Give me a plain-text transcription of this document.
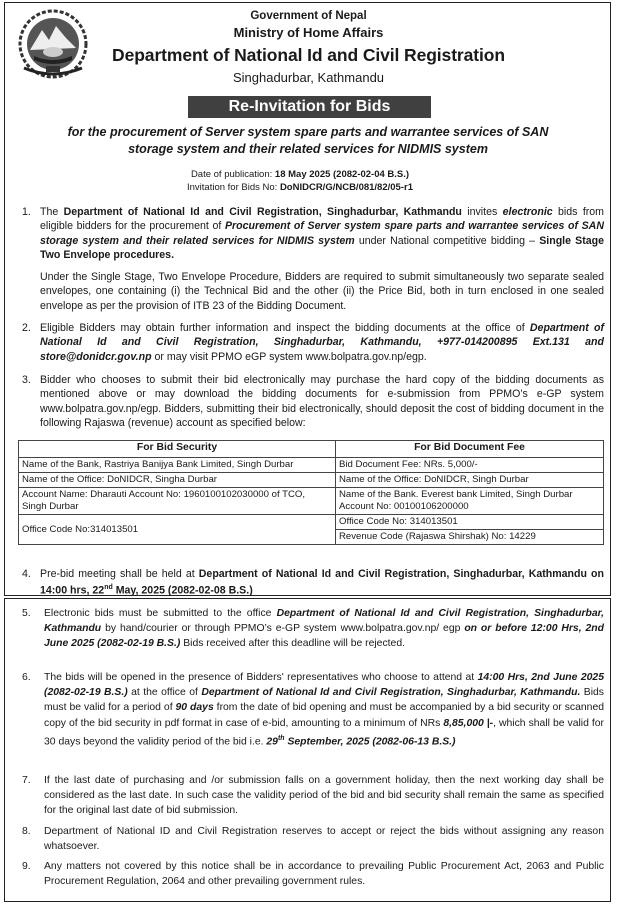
Government of Nepal
Ministry of Home Affairs
Department of National Id and Civil Registration
Singhadurbar, Kathmandu
Re-Invitation for Bids
for the procurement of Server system spare parts and warrantee services of SAN
storage system and their related services for NIDMIS system
Date of publication: 18 May 2025 (2082-02-04 B.S.)
Invitation for Bids No: DoNIDCR/G/NCB/081/82/05-r1
1. The Department of National Id and Civil Registration, Singhadurbar, Kathmandu invites electronic bids from eligible bidders for the procurement of Procurement of Server system spare parts and warrantee services of SAN storage system and their related services for NIDMIS system under National competitive bidding – Single Stage Two Envelope procedures.
Under the Single Stage, Two Envelope Procedure, Bidders are required to submit simultaneously two separate sealed envelopes, one containing (i) the Technical Bid and the other (ii) the Price Bid, both in turn enclosed in one sealed envelope as per the provision of ITB 23 of the Bidding Document.
2. Eligible Bidders may obtain further information and inspect the bidding documents at the office of Department of National Id and Civil Registration, Singhadurbar, Kathmandu, +977-014200895 Ext.131 and store@donidcr.gov.np or may visit PPMO eGP system www.bolpatra.gov.np/egp.
3. Bidder who chooses to submit their bid electronically may purchase the hard copy of the bidding documents as mentioned above or may download the bidding documents for e-submission from PPMO’s e-GP system www.bolpatra.gov.np/egp. Bidders, submitting their bid electronically, should deposit the cost of bidding document in the following Rajaswa (revenue) account as specified below:
For Bid Security	For Bid Document Fee
Name of the Bank, Rastriya Banijya Bank Limited, Singh Durbar	Bid Document Fee: NRs. 5,000/-
Name of the Office: DoNIDCR, Singha Durbar	Name of the Office: DoNIDCR, Singh Durbar
Account Name: Dharauti Account No: 1960100102030000 of TCO, Singh Durbar	Name of the Bank. Everest bank Limited, Singh Durbar Account No: 00100106200000
Office Code No:314013501	Office Code No: 314013501
	Revenue Code (Rajaswa Shirshak) No: 14229
4. Pre-bid meeting shall be held at Department of National Id and Civil Registration, Singhadurbar, Kathmandu on 14:00 hrs, 22nd May, 2025 (2082-02-08 B.S.)
5. Electronic bids must be submitted to the office Department of National Id and Civil Registration, Singhadurbar, Kathmandu by hand/courier or through PPMO’s e-GP system www.bolpatra.gov.np/ egp on or before 12:00 Hrs, 2nd June 2025 (2082-02-19 B.S.) Bids received after this deadline will be rejected.
6. The bids will be opened in the presence of Bidders' representatives who choose to attend at 14:00 Hrs, 2nd June 2025 (2082-02-19 B.S.) at the office of Department of National Id and Civil Registration, Singhadurbar, Kathmandu. Bids must be valid for a period of 90 days from the date of bid opening and must be accompanied by a bid security or scanned copy of the bid security in pdf format in case of e-bid, amounting to a minimum of NRs 8,85,000 |-, which shall be valid for 30 days beyond the validity period of the bid i.e. 29th September, 2025 (2082-06-13 B.S.)
7. If the last date of purchasing and /or submission falls on a government holiday, then the next working day shall be considered as the last date. In such case the validity period of the bid and bid security shall remain the same as specified for the original last date of bid submission.
8. Department of National ID and Civil Registration reserves to accept or reject the bids without assigning any reason whatsoever.
9. Any matters not covered by this notice shall be in accordance to prevailing Public Procurement Act, 2063 and Public Procurement Regulation, 2064 and other prevailing government rules.
